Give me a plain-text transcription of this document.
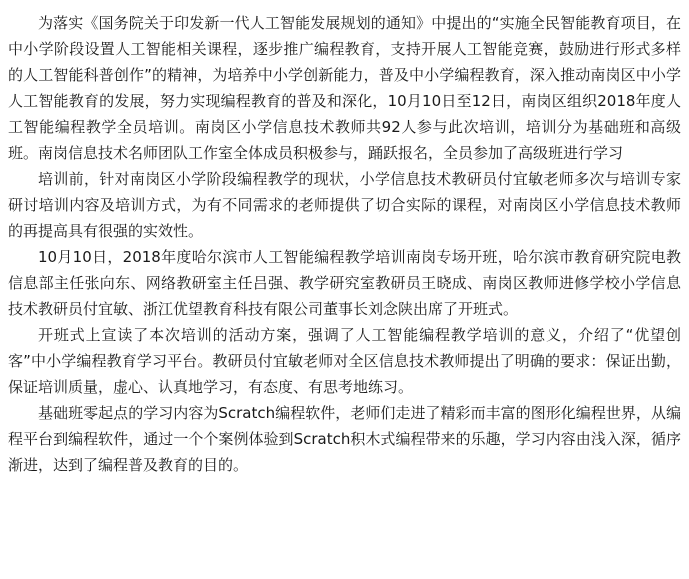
为落实《国务院关于印发新一代人工智能发展规划的通知》中提出的“实施全民智能教育项目，在中小学阶段设置人工智能相关课程，逐步推广编程教育，支持开展人工智能竞赛，鼓励进行形式多样的人工智能科普创作”的精神，为培养中小学创新能力，普及中小学编程教育，深入推动南岗区中小学人工智能教育的发展，努力实现编程教育的普及和深化，10月10日至12日，南岗区组织2018年度人工智能编程教学全员培训。南岗区小学信息技术教师共92人参与此次培训，培训分为基础班和高级班。南岗信息技术名师团队工作室全体成员积极参与，踊跃报名，全员参加了高级班进行学习

培训前，针对南岗区小学阶段编程教学的现状，小学信息技术教研员付宜敏老师多次与培训专家研讨培训内容及培训方式，为有不同需求的老师提供了切合实际的课程，对南岗区小学信息技术教师的再提高具有很强的实效性。

10月10日，2018年度哈尔滨市人工智能编程教学培训南岗专场开班，哈尔滨市教育研究院电教信息部主任张向东、网络教研室主任吕强、教学研究室教研员王晓成、南岗区教师进修学校小学信息技术教研员付宜敏、浙江优望教育科技有限公司董事长刘念陕出席了开班式。

开班式上宣读了本次培训的活动方案，强调了人工智能编程教学培训的意义，介绍了“优望创客”中小学编程教育学习平台。教研员付宜敏老师对全区信息技术教师提出了明确的要求：保证出勤，保证培训质量，虚心、认真地学习，有态度、有思考地练习。

基础班零起点的学习内容为Scratch编程软件，老师们走进了精彩而丰富的图形化编程世界，从编程平台到编程软件，通过一个个案例体验到Scratch积木式编程带来的乐趣，学习内容由浅入深，循序渐进，达到了编程普及教育的目的。
